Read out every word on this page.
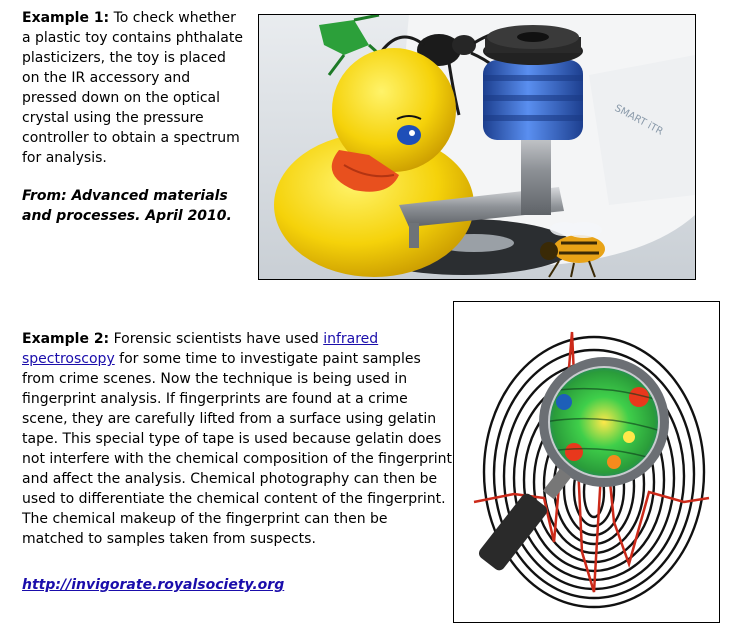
Example 1: To check whether a plastic toy contains phthalate plasticizers, the toy is placed on the IR accessory and pressed down on the optical crystal using the pressure controller to obtain a spectrum for analysis.
From: Advanced materials and processes. April 2010.
SMART iTR
Example 2: Forensic scientists have used infrared spectroscopy for some time to investigate paint samples from crime scenes. Now the technique is being used in fingerprint analysis. If fingerprints are found at a crime scene, they are carefully lifted from a surface using gelatin tape. This special type of tape is used because gelatin does not interfere with the chemical composition of the fingerprint and affect the analysis. Chemical photography can then be used to differentiate the chemical content of the fingerprint. The chemical makeup of the fingerprint can then be matched to samples taken from suspects.
http://invigorate.royalsociety.org
